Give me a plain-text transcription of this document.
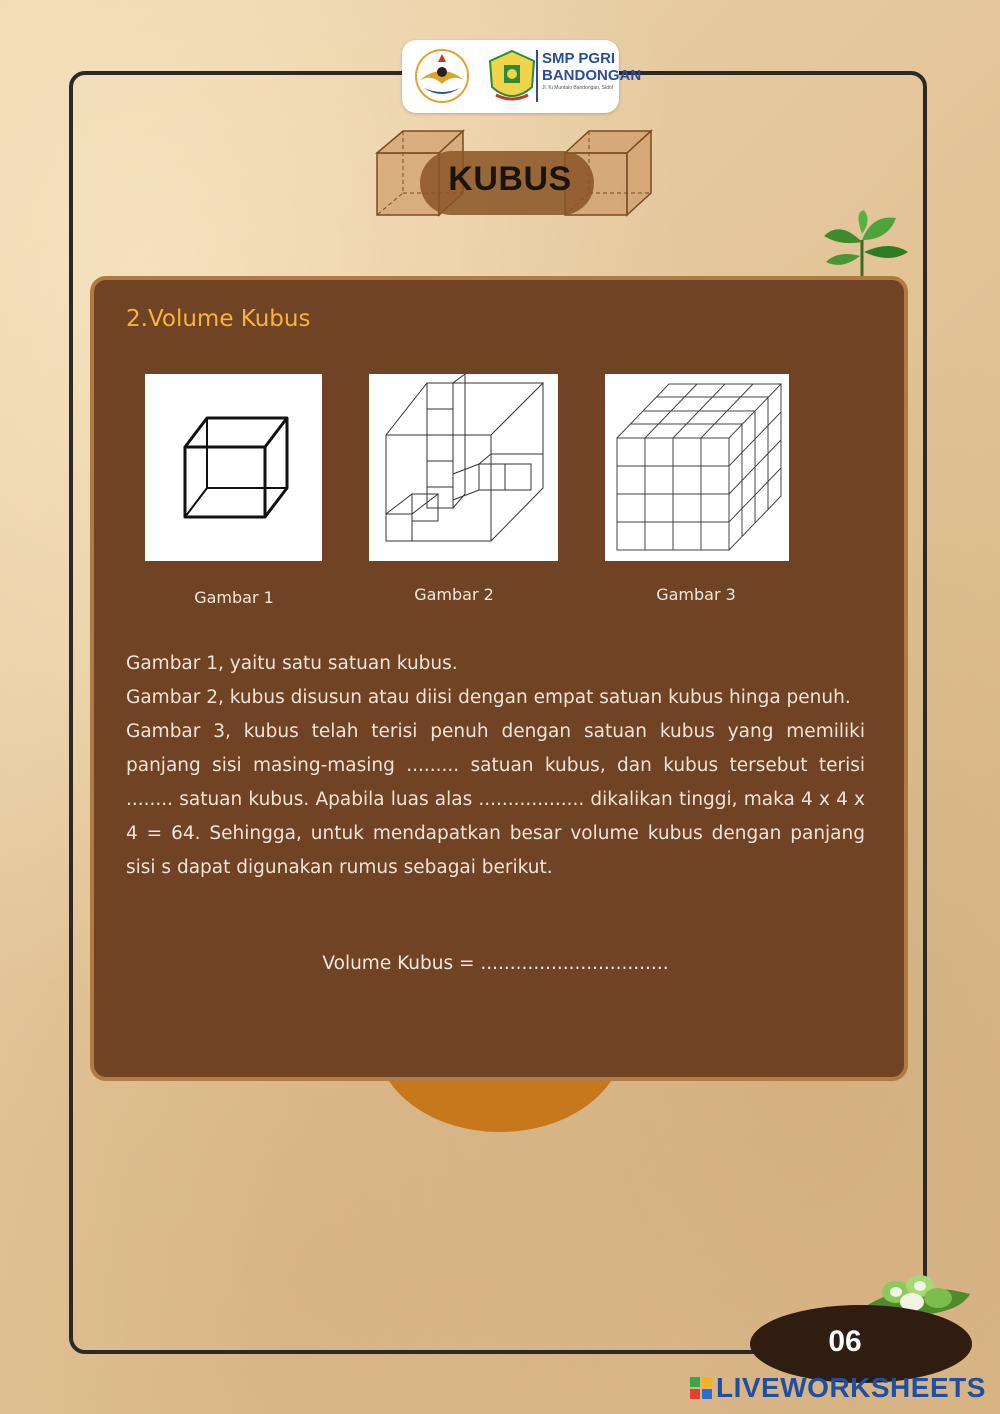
SMP PGRI
BANDONGAN
Jl. Ki Muntalo Bandongan, Sidol
KUBUS
2.Volume Kubus
Gambar 1	Gambar 2	Gambar 3

Gambar 1, yaitu satu satuan kubus.

Gambar 2, kubus disusun atau diisi dengan empat satuan kubus hinga penuh.

Gambar 3, kubus telah terisi penuh dengan satuan kubus yang memiliki panjang sisi masing-masing ......... satuan kubus, dan kubus tersebut terisi ........ satuan kubus. Apabila luas alas .................. dikalikan tinggi, maka 4 x 4 x 4 = 64. Sehingga, untuk mendapatkan besar volume kubus dengan panjang sisi s dapat digunakan rumus sebagai berikut.

Volume Kubus = ................................
06
LIVEWORKSHEETS
